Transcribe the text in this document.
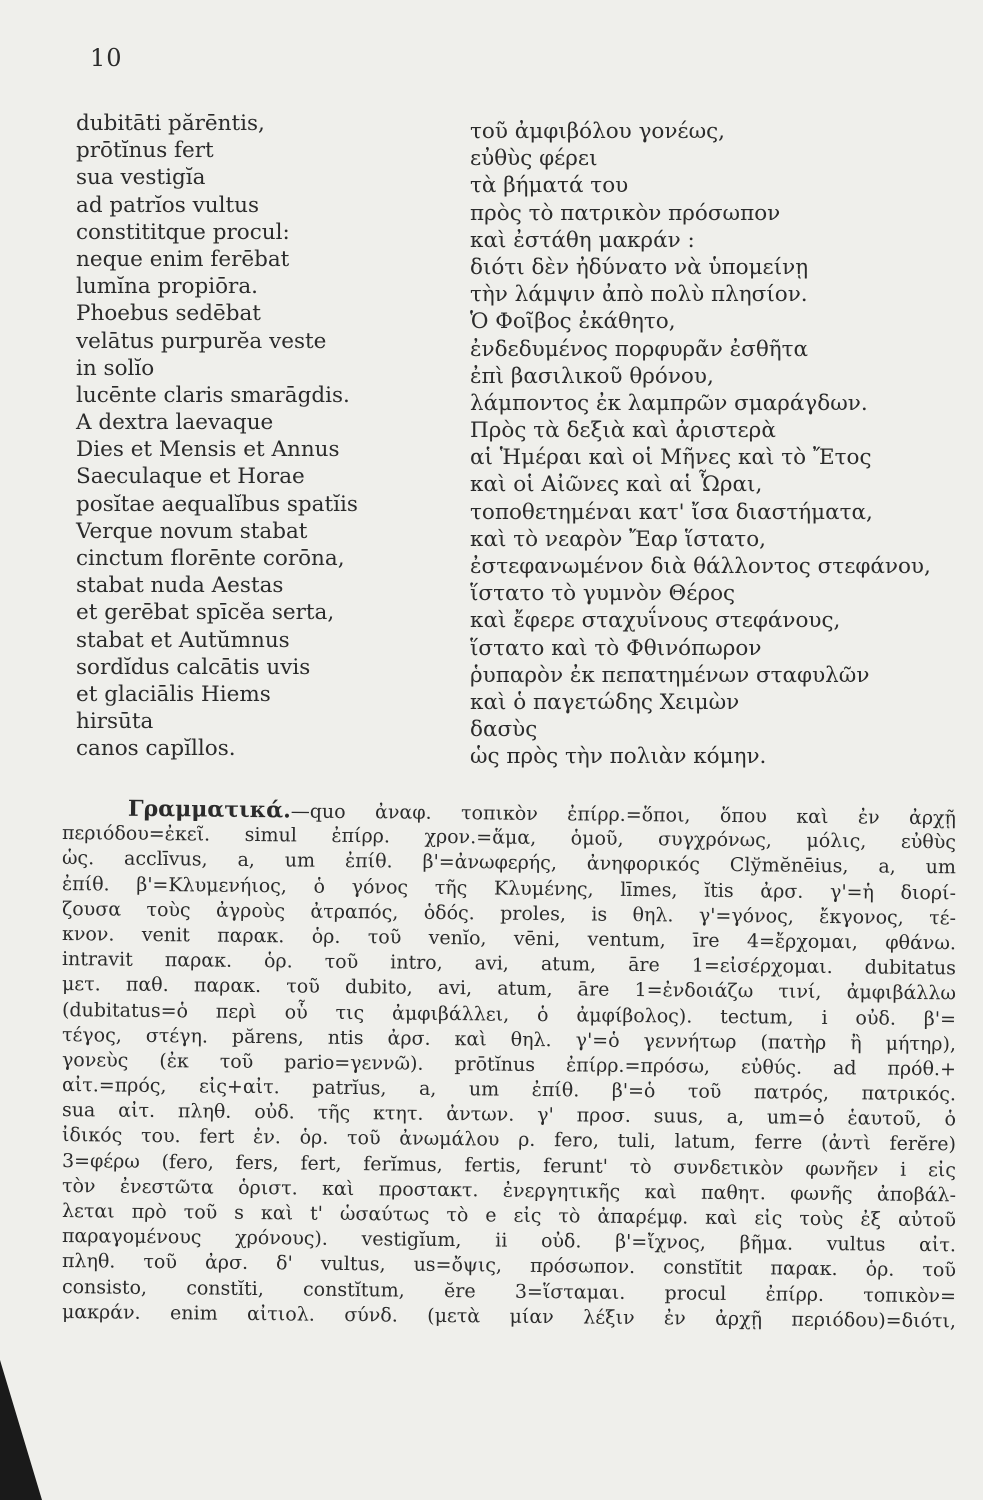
10
dubitāti părēntis,
prōtĭnus fert
sua vestigĭa
ad patrĭos vultus
constititque procul:
neque enim ferēbat
lumĭna propiōra.
Phoebus sedēbat
velātus purpurĕa veste
in solĭo
lucēnte claris smarāgdis.
A dextra laevaque
Dies et Mensis et Annus
Saeculaque et Horae
posĭtae aequalĭbus spatĭis
Verque novum stabat
cinctum florēnte corōna,
stabat nuda Aestas
et gerēbat spīcĕa serta,
stabat et Autŭmnus
sordĭdus calcātis uvis
et glaciālis Hiems
hirsūta
canos capĭllos.
τοῦ ἀμφιβόλου γονέως,
εὐθὺς φέρει
τὰ βήματά του
πρὸς τὸ πατρικὸν πρόσωπον
καὶ ἐστάθη μακράν :
διότι δὲν ἠδύνατο νὰ ὑπομείνῃ
τὴν λάμψιν ἀπὸ πολὺ πλησίον.
Ὁ Φοῖβος ἐκάθητο,
ἐνδεδυμένος πορφυρᾶν ἐσθῆτα
ἐπὶ βασιλικοῦ θρόνου,
λάμποντος ἐκ λαμπρῶν σμαράγδων.
Πρὸς τὰ δεξιὰ καὶ ἀριστερὰ
αἱ Ἡμέραι καὶ οἱ Μῆνες καὶ τὸ Ἔτος
καὶ οἱ Αἰῶνες καὶ αἱ Ὧραι,
τοποθετημέναι κατ' ἴσα διαστήματα,
καὶ τὸ νεαρὸν Ἔαρ ἵστατο,
ἐστεφανωμένον διὰ θάλλοντος στεφάνου,
ἵστατο τὸ γυμνὸν Θέρος
καὶ ἔφερε σταχυΐνους στεφάνους,
ἵστατο καὶ τὸ Φθινόπωρον
ῥυπαρὸν ἐκ πεπατημένων σταφυλῶν
καὶ ὁ παγετώδης Χειμὼν
δασὺς
ὡς πρὸς τὴν πολιὰν κόμην.
Γραμματικά.—quo ἀναφ. τοπικὸν ἐπίρρ.=ὅποι, ὅπου καὶ ἐν ἀρχῇ
περιόδου=ἐκεῖ. simul ἐπίρρ. χρον.=ἅμα, ὁμοῦ, συγχρόνως, μόλις, εὐθὺς
ὡς. acclīvus, a, um ἐπίθ. β'=ἀνωφερής, ἀνηφορικός Clўmĕnēius, a, um
ἐπίθ. β'=Κλυμενήιος, ὁ γόνος τῆς Κλυμένης, līmes, ĭtis ἀρσ. γ'=ἡ διορί-
ζουσα τοὺς ἀγροὺς ἀτραπός, ὁδός. proles, is θηλ. γ'=γόνος, ἔκγονος, τέ-
κνον. venit παρακ. ὁρ. τοῦ venĭo, vēni, ventum, īre 4=ἔρχομαι, φθάνω.
intravit παρακ. ὁρ. τοῦ intro, avi, atum, āre 1=εἰσέρχομαι. dubitatus
μετ. παθ. παρακ. τοῦ dubito, avi, atum, āre 1=ἐνδοιάζω τινί, ἀμφιβάλλω
(dubitatus=ὁ περὶ οὗ τις ἀμφιβάλλει, ὁ ἀμφίβολος). tectum, i οὐδ. β'=
τέγος, στέγη. părens, ntis ἀρσ. καὶ θηλ. γ'=ὁ γεννήτωρ (πατὴρ ἢ μήτηρ),
γονεὺς (ἐκ τοῦ pario=γεννῶ). prōtĭnus ἐπίρρ.=πρόσω, εὐθύς. ad πρόθ.+
αἰτ.=πρός, εἰς+αἰτ. patrĭus, a, um ἐπίθ. β'=ὁ τοῦ πατρός, πατρικός.
sua αἰτ. πληθ. οὐδ. τῆς κτητ. ἀντων. γ' προσ. suus, a, um=ὁ ἑαυτοῦ, ὁ
ἰδικός του. fert ἐν. ὁρ. τοῦ ἀνωμάλου ρ. fero, tuli, latum, ferre (ἀντὶ ferĕre)
3=φέρω (fero, fers, fert, ferĭmus, fertis, ferunt' τὸ συνδετικὸν φωνῆεν i εἰς
τὸν ἐνεστῶτα ὁριστ. καὶ προστακτ. ἐνεργητικῆς καὶ παθητ. φωνῆς ἀποβάλ-
λεται πρὸ τοῦ s καὶ t' ὡσαύτως τὸ e εἰς τὸ ἀπαρέμφ. καὶ εἰς τοὺς ἐξ αὐτοῦ
παραγομένους χρόνους). vestigĭum, ii οὐδ. β'=ἴχνος, βῆμα. vultus αἰτ.
πληθ. τοῦ ἀρσ. δ' vultus, us=ὄψις, πρόσωπον. constĭtit παρακ. ὁρ. τοῦ
consisto, constĭti, constĭtum, ĕre 3=ἵσταμαι. procul ἐπίρρ. τοπικὸν=
μακράν. enim αἰτιολ. σύνδ. (μετὰ μίαν λέξιν ἐν ἀρχῇ περιόδου)=διότι,
